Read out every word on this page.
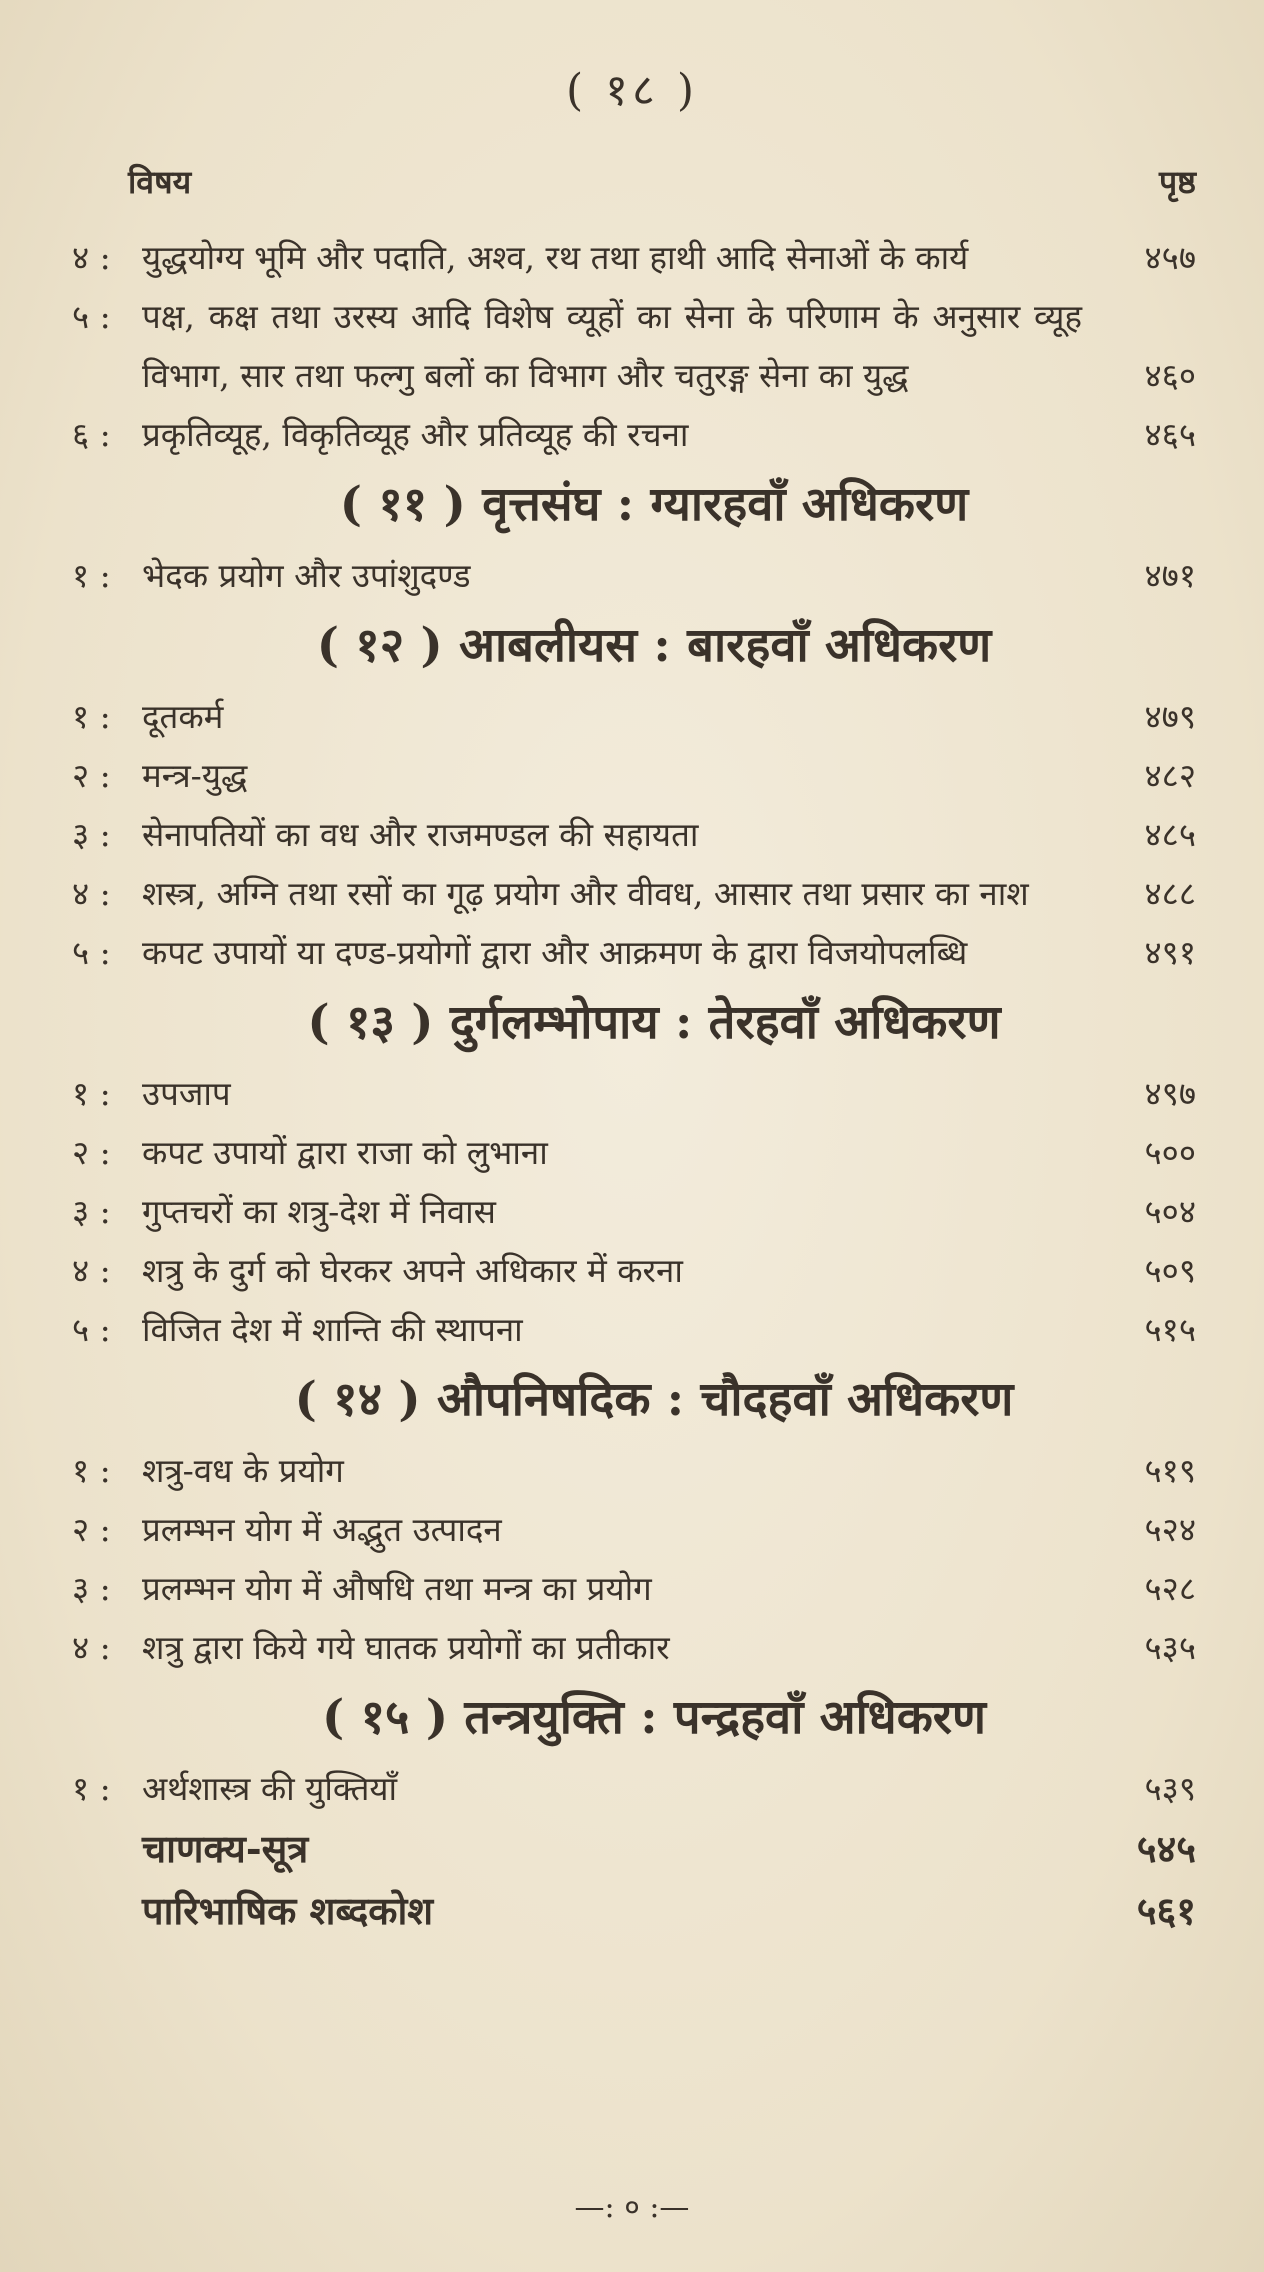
( १८ )
विषय	पृष्ठ
४ : युद्धयोग्य भूमि और पदाति, अश्व, रथ तथा हाथी आदि सेनाओं के कार्य	४५७
५ : पक्ष, कक्ष तथा उरस्य आदि विशेष व्यूहों का सेना के परिणाम के अनुसार व्यूह विभाग, सार तथा फल्गु बलों का विभाग और चतुरङ्ग सेना का युद्ध	४६०
६ : प्रकृतिव्यूह, विकृतिव्यूह और प्रतिव्यूह की रचना	४६५
( ११ ) वृत्तसंघ : ग्यारहवाँ अधिकरण
१ : भेदक प्रयोग और उपांशुदण्ड	४७१
( १२ ) आबलीयस : बारहवाँ अधिकरण
१ : दूतकर्म	४७९
२ : मन्त्र-युद्ध	४८२
३ : सेनापतियों का वध और राजमण्डल की सहायता	४८५
४ : शस्त्र, अग्नि तथा रसों का गूढ़ प्रयोग और वीवध, आसार तथा प्रसार का नाश	४८८
५ : कपट उपायों या दण्ड-प्रयोगों द्वारा और आक्रमण के द्वारा विजयोपलब्धि	४९१
( १३ ) दुर्गलम्भोपाय : तेरहवाँ अधिकरण
१ : उपजाप	४९७
२ : कपट उपायों द्वारा राजा को लुभाना	५००
३ : गुप्तचरों का शत्रु-देश में निवास	५०४
४ : शत्रु के दुर्ग को घेरकर अपने अधिकार में करना	५०९
५ : विजित देश में शान्ति की स्थापना	५१५
( १४ ) औपनिषदिक : चौदहवाँ अधिकरण
१ : शत्रु-वध के प्रयोग	५१९
२ : प्रलम्भन योग में अद्भुत उत्पादन	५२४
३ : प्रलम्भन योग में औषधि तथा मन्त्र का प्रयोग	५२८
४ : शत्रु द्वारा किये गये घातक प्रयोगों का प्रतीकार	५३५
( १५ ) तन्त्रयुक्ति : पन्द्रहवाँ अधिकरण
१ : अर्थशास्त्र की युक्तियाँ	५३९
चाणक्य-सूत्र	५४५
पारिभाषिक शब्दकोश	५६१
—: ० :—
